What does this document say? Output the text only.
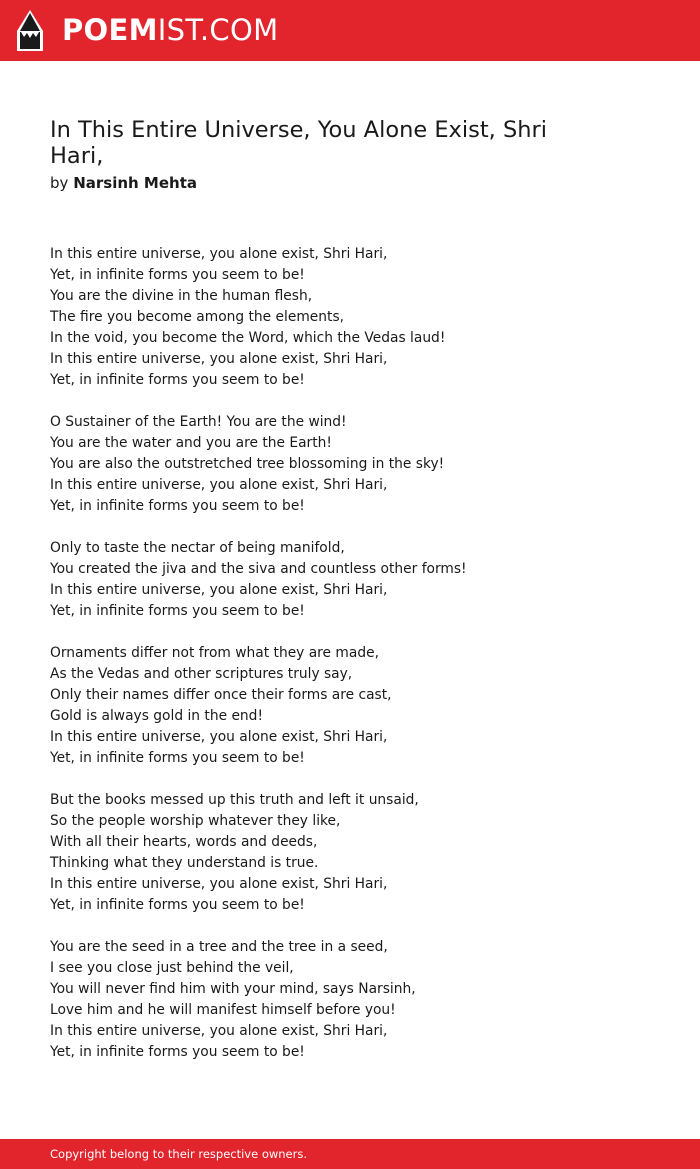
POEMIST.COM
In This Entire Universe, You Alone Exist, Shri Hari,
by Narsinh Mehta

In this entire universe, you alone exist, Shri Hari,
Yet, in infinite forms you seem to be!
You are the divine in the human flesh,
The fire you become among the elements,
In the void, you become the Word, which the Vedas laud!
In this entire universe, you alone exist, Shri Hari,
Yet, in infinite forms you seem to be!

O Sustainer of the Earth! You are the wind!
You are the water and you are the Earth!
You are also the outstretched tree blossoming in the sky!
In this entire universe, you alone exist, Shri Hari,
Yet, in infinite forms you seem to be!

Only to taste the nectar of being manifold,
You created the jiva and the siva and countless other forms!
In this entire universe, you alone exist, Shri Hari,
Yet, in infinite forms you seem to be!

Ornaments differ not from what they are made,
As the Vedas and other scriptures truly say,
Only their names differ once their forms are cast,
Gold is always gold in the end!
In this entire universe, you alone exist, Shri Hari,
Yet, in infinite forms you seem to be!

But the books messed up this truth and left it unsaid,
So the people worship whatever they like,
With all their hearts, words and deeds,
Thinking what they understand is true.
In this entire universe, you alone exist, Shri Hari,
Yet, in infinite forms you seem to be!

You are the seed in a tree and the tree in a seed,
I see you close just behind the veil,
You will never find him with your mind, says Narsinh,
Love him and he will manifest himself before you!
In this entire universe, you alone exist, Shri Hari,
Yet, in infinite forms you seem to be!

Copyright belong to their respective owners.
